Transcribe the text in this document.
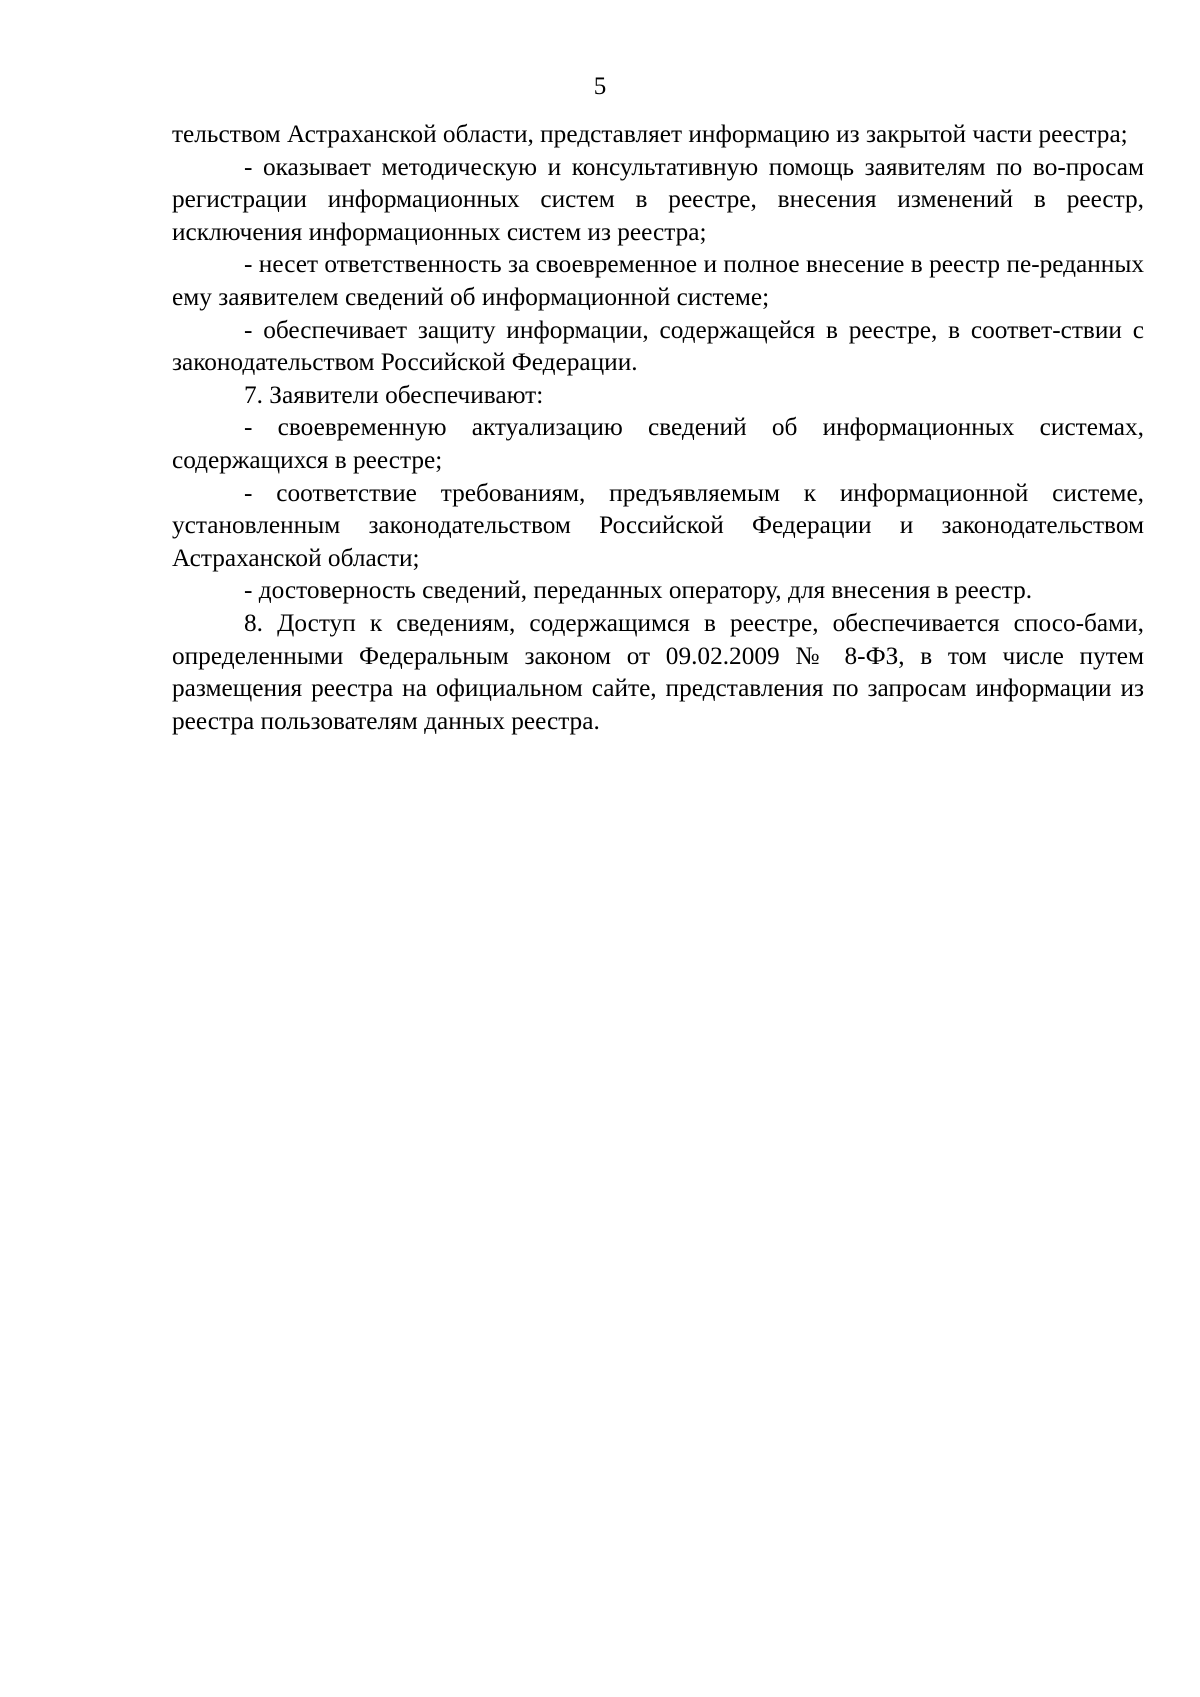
5

тельством Астраханской области, представляет информацию из закрытой части реестра;

- оказывает методическую и консультативную помощь заявителям по во-просам регистрации информационных систем в реестре, внесения изменений в реестр, исключения информационных систем из реестра;

- несет ответственность за своевременное и полное внесение в реестр пе-реданных ему заявителем сведений об информационной системе;

- обеспечивает защиту информации, содержащейся в реестре, в соответ-ствии с законодательством Российской Федерации.

7. Заявители обеспечивают:

- своевременную актуализацию сведений об информационных системах, содержащихся в реестре;

- соответствие требованиям, предъявляемым к информационной системе, установленным законодательством Российской Федерации и законодательством Астраханской области;

- достоверность сведений, переданных оператору, для внесения в реестр.

8. Доступ к сведениям, содержащимся в реестре, обеспечивается спосо-бами, определенными Федеральным законом от 09.02.2009 № 8-ФЗ, в том числе путем размещения реестра на официальном сайте, представления по запросам информации из реестра пользователям данных реестра.
